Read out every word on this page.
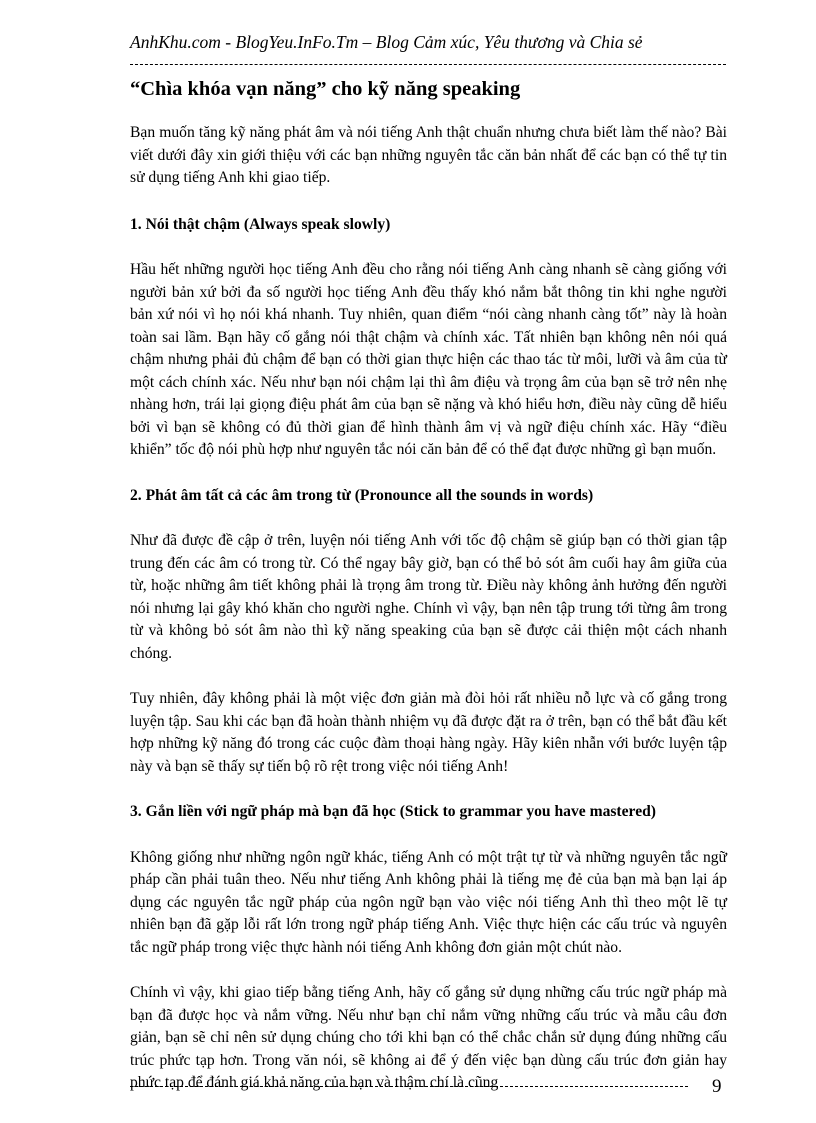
AnhKhu.com - BlogYeu.InFo.Tm – Blog Cảm xúc, Yêu thương và Chia sẻ
“Chìa khóa vạn năng” cho kỹ năng speaking

Bạn muốn tăng kỹ năng phát âm và nói tiếng Anh thật chuẩn nhưng chưa biết làm thế nào? Bài viết dưới đây xin giới thiệu với các bạn những nguyên tắc căn bản nhất để các bạn có thể tự tin sử dụng tiếng Anh khi giao tiếp.

1. Nói thật chậm (Always speak slowly)

Hầu hết những người học tiếng Anh đều cho rằng nói tiếng Anh càng nhanh sẽ càng giống với người bản xứ bởi đa số người học tiếng Anh đều thấy khó nắm bắt thông tin khi nghe người bản xứ nói vì họ nói khá nhanh. Tuy nhiên, quan điểm “nói càng nhanh càng tốt” này là hoàn toàn sai lầm. Bạn hãy cố gắng nói thật chậm và chính xác. Tất nhiên bạn không nên nói quá chậm nhưng phải đủ chậm để bạn có thời gian thực hiện các thao tác từ môi, lưỡi và âm của từ một cách chính xác. Nếu như bạn nói chậm lại thì âm điệu và trọng âm của bạn sẽ trở nên nhẹ nhàng hơn, trái lại giọng điệu phát âm của bạn sẽ nặng và khó hiểu hơn, điều này cũng dễ hiểu bởi vì bạn sẽ không có đủ thời gian để hình thành âm vị và ngữ điệu chính xác. Hãy “điều khiển” tốc độ nói phù hợp như nguyên tắc nói căn bản để có thể đạt được những gì bạn muốn.

2. Phát âm tất cả các âm trong từ (Pronounce all the sounds in words)

Như đã được đề cập ở trên, luyện nói tiếng Anh với tốc độ chậm sẽ giúp bạn có thời gian tập trung đến các âm có trong từ. Có thể ngay bây giờ, bạn có thể bỏ sót âm cuối hay âm giữa của từ, hoặc những âm tiết không phải là trọng âm trong từ. Điều này không ảnh hưởng đến người nói nhưng lại gây khó khăn cho người nghe. Chính vì vậy, bạn nên tập trung tới từng âm trong từ và không bỏ sót âm nào thì kỹ năng speaking của bạn sẽ được cải thiện một cách nhanh chóng.

Tuy nhiên, đây không phải là một việc đơn giản mà đòi hỏi rất nhiều nỗ lực và cố gắng trong luyện tập. Sau khi các bạn đã hoàn thành nhiệm vụ đã được đặt ra ở trên, bạn có thể bắt đầu kết hợp những kỹ năng đó trong các cuộc đàm thoại hàng ngày. Hãy kiên nhẫn với bước luyện tập này và bạn sẽ thấy sự tiến bộ rõ rệt trong việc nói tiếng Anh!

3. Gắn liền với ngữ pháp mà bạn đã học (Stick to grammar you have mastered)

Không giống như những ngôn ngữ khác, tiếng Anh có một trật tự từ và những nguyên tắc ngữ pháp cần phải tuân theo. Nếu như tiếng Anh không phải là tiếng mẹ đẻ của bạn mà bạn lại áp dụng các nguyên tắc ngữ pháp của ngôn ngữ bạn vào việc nói tiếng Anh thì theo một lẽ tự nhiên bạn đã gặp lỗi rất lớn trong ngữ pháp tiếng Anh. Việc thực hiện các cấu trúc và nguyên tắc ngữ pháp trong việc thực hành nói tiếng Anh không đơn giản một chút nào.

Chính vì vậy, khi giao tiếp bằng tiếng Anh, hãy cố gắng sử dụng những cấu trúc ngữ pháp mà bạn đã được học và nắm vững. Nếu như bạn chỉ nắm vững những cấu trúc và mẫu câu đơn giản, bạn sẽ chỉ nên sử dụng chúng cho tới khi bạn có thể chắc chắn sử dụng đúng những cấu trúc phức tạp hơn. Trong văn nói, sẽ không ai để ý đến việc bạn dùng cấu trúc đơn giản hay phức tạp để đánh giá khả năng của bạn và thậm chí là cũng	9
